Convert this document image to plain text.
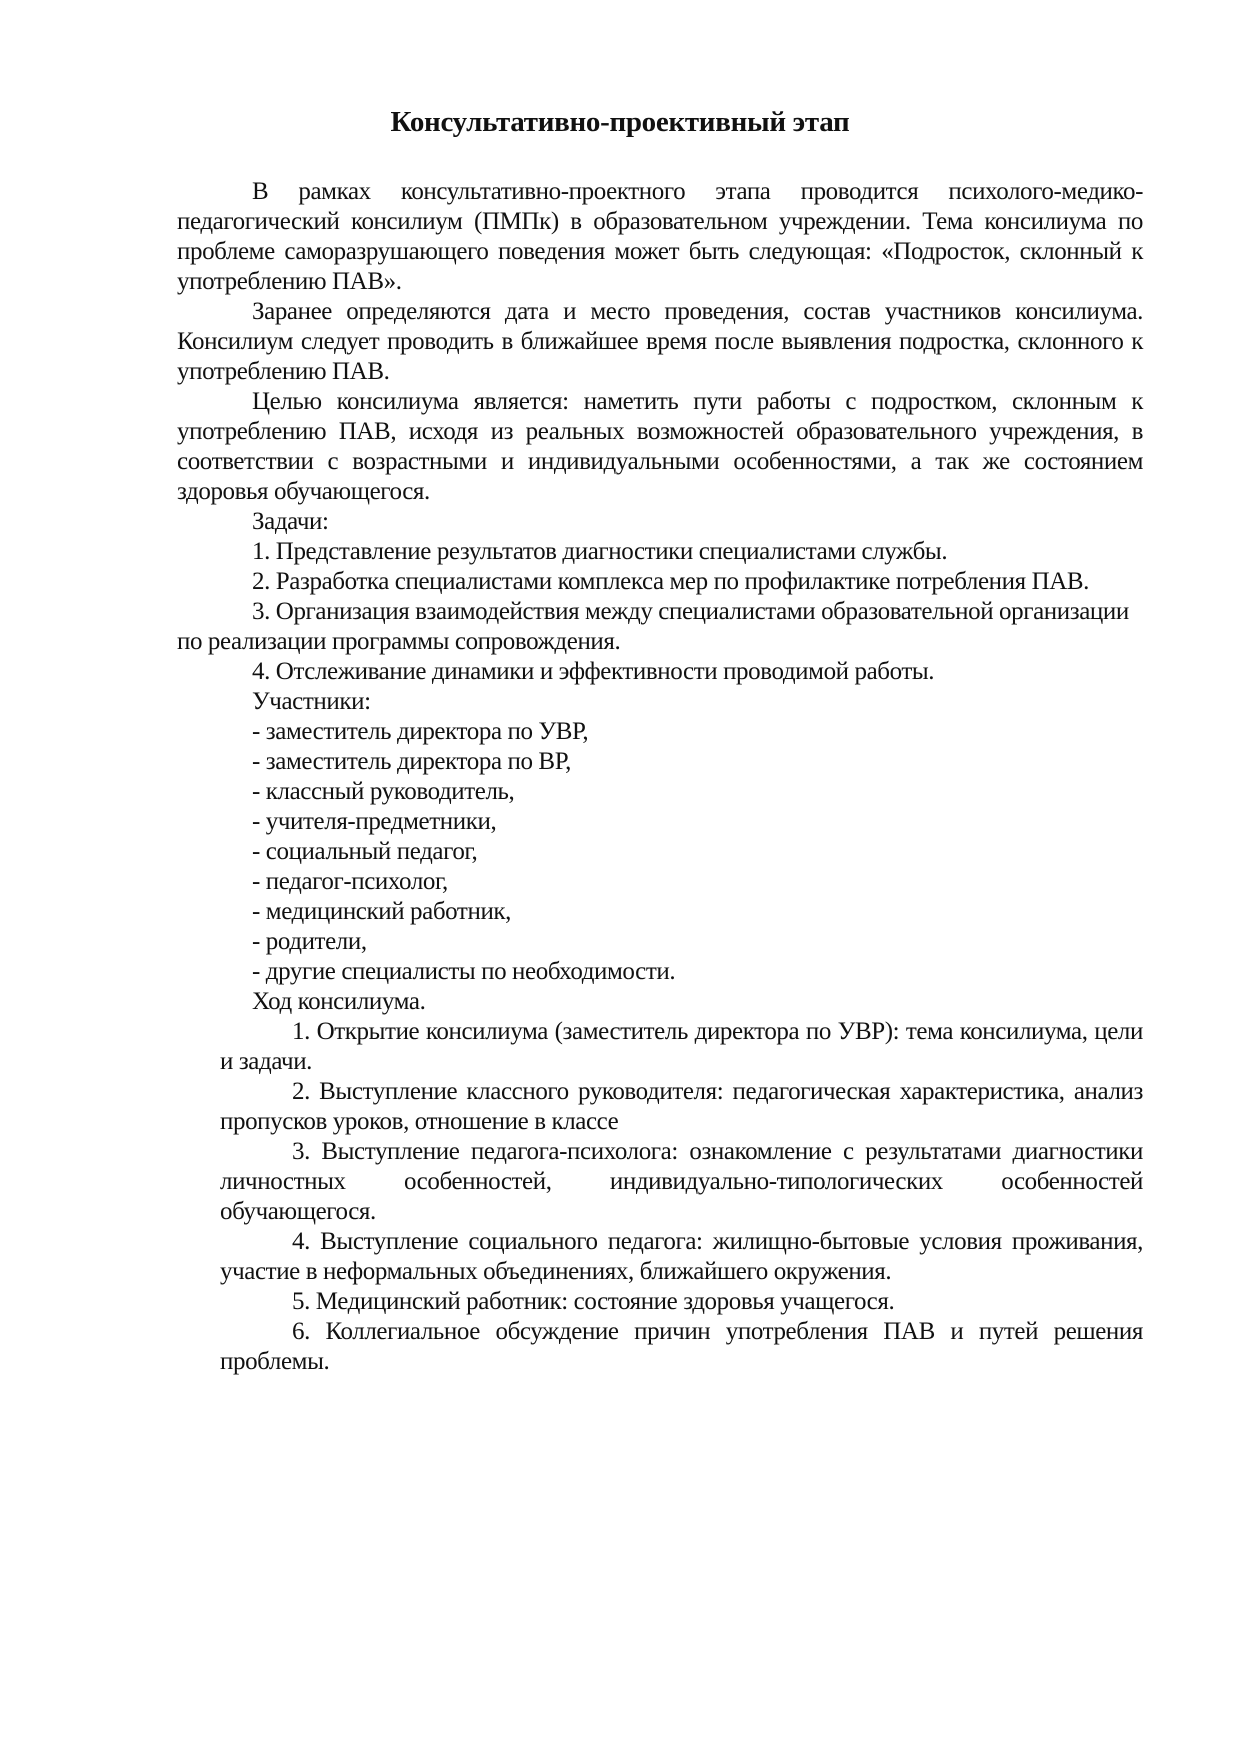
Консультативно-проективный этап

В рамках консультативно-проектного этапа проводится психолого-медико-педагогический консилиум (ПМПк) в образовательном учреждении. Тема консилиума по проблеме саморазрушающего поведения может быть следующая: «Подросток, склонный к употреблению ПАВ».

Заранее определяются дата и место проведения, состав участников консилиума. Консилиум следует проводить в ближайшее время после выявления подростка, склонного к употреблению ПАВ.

Целью консилиума является: наметить пути работы с подростком, склонным к употреблению ПАВ, исходя из реальных возможностей образовательного учреждения, в соответствии с возрастными и индивидуальными особенностями, а так же состоянием здоровья обучающегося.

Задачи:

1. Представление результатов диагностики специалистами службы.

2. Разработка специалистами комплекса мер по профилактике потребления ПАВ.

3. Организация взаимодействия между специалистами образовательной организации по реализации программы сопровождения.

4. Отслеживание динамики и эффективности проводимой работы.

Участники:

- заместитель директора по УВР,

- заместитель директора по ВР,

- классный руководитель,

- учителя-предметники,

- социальный педагог,

- педагог-психолог,

- медицинский работник,

- родители,

- другие специалисты по необходимости.

Ход консилиума.

1. Открытие консилиума (заместитель директора по УВР): тема консилиума, цели и задачи.

2. Выступление классного руководителя: педагогическая характеристика, анализ пропусков уроков, отношение в классе

3. Выступление педагога-психолога: ознакомление с результатами диагностики личностных особенностей, индивидуально-типологических особенностей обучающегося.

4. Выступление социального педагога: жилищно-бытовые условия проживания, участие в неформальных объединениях, ближайшего окружения.

5. Медицинский работник: состояние здоровья учащегося.

6. Коллегиальное обсуждение причин употребления ПАВ и путей решения проблемы.
